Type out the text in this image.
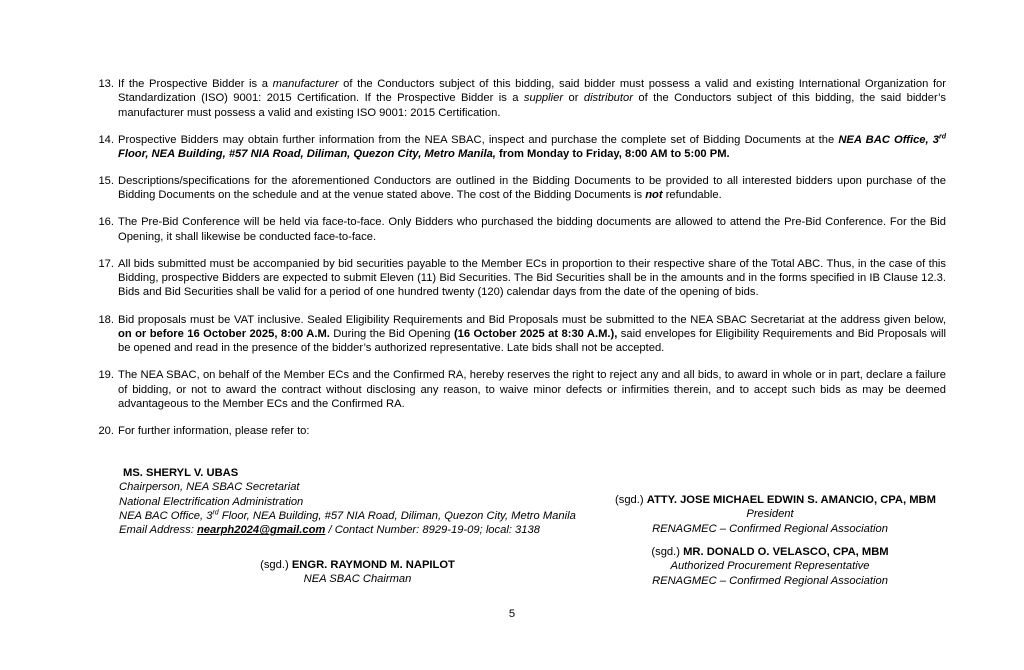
13. If the Prospective Bidder is a manufacturer of the Conductors subject of this bidding, said bidder must possess a valid and existing International Organization for Standardization (ISO) 9001: 2015 Certification. If the Prospective Bidder is a supplier or distributor of the Conductors subject of this bidding, the said bidder’s manufacturer must possess a valid and existing ISO 9001: 2015 Certification.
14. Prospective Bidders may obtain further information from the NEA SBAC, inspect and purchase the complete set of Bidding Documents at the NEA BAC Office, 3rd Floor, NEA Building, #57 NIA Road, Diliman, Quezon City, Metro Manila, from Monday to Friday, 8:00 AM to 5:00 PM.
15. Descriptions/specifications for the aforementioned Conductors are outlined in the Bidding Documents to be provided to all interested bidders upon purchase of the Bidding Documents on the schedule and at the venue stated above. The cost of the Bidding Documents is not refundable.
16. The Pre-Bid Conference will be held via face-to-face. Only Bidders who purchased the bidding documents are allowed to attend the Pre-Bid Conference. For the Bid Opening, it shall likewise be conducted face-to-face.
17. All bids submitted must be accompanied by bid securities payable to the Member ECs in proportion to their respective share of the Total ABC. Thus, in the case of this Bidding, prospective Bidders are expected to submit Eleven (11) Bid Securities. The Bid Securities shall be in the amounts and in the forms specified in IB Clause 12.3. Bids and Bid Securities shall be valid for a period of one hundred twenty (120) calendar days from the date of the opening of bids.
18. Bid proposals must be VAT inclusive. Sealed Eligibility Requirements and Bid Proposals must be submitted to the NEA SBAC Secretariat at the address given below, on or before 16 October 2025, 8:00 A.M. During the Bid Opening (16 October 2025 at 8:30 A.M.), said envelopes for Eligibility Requirements and Bid Proposals will be opened and read in the presence of the bidder’s authorized representative. Late bids shall not be accepted.
19. The NEA SBAC, on behalf of the Member ECs and the Confirmed RA, hereby reserves the right to reject any and all bids, to award in whole or in part, declare a failure of bidding, or not to award the contract without disclosing any reason, to waive minor defects or infirmities therein, and to accept such bids as may be deemed advantageous to the Member ECs and the Confirmed RA.
20. For further information, please refer to:
MS. SHERYL V. UBAS
Chairperson, NEA SBAC Secretariat
National Electrification Administration
NEA BAC Office, 3rd Floor, NEA Building, #57 NIA Road, Diliman, Quezon City, Metro Manila
Email Address: nearph2024@gmail.com / Contact Number: 8929-19-09; local: 3138
(sgd.) ENGR. RAYMOND M. NAPILOT
NEA SBAC Chairman
(sgd.) ATTY. JOSE MICHAEL EDWIN S. AMANCIO, CPA, MBM
President
RENAGMEC – Confirmed Regional Association
(sgd.) MR. DONALD O. VELASCO, CPA, MBM
Authorized Procurement Representative
RENAGMEC – Confirmed Regional Association
5
